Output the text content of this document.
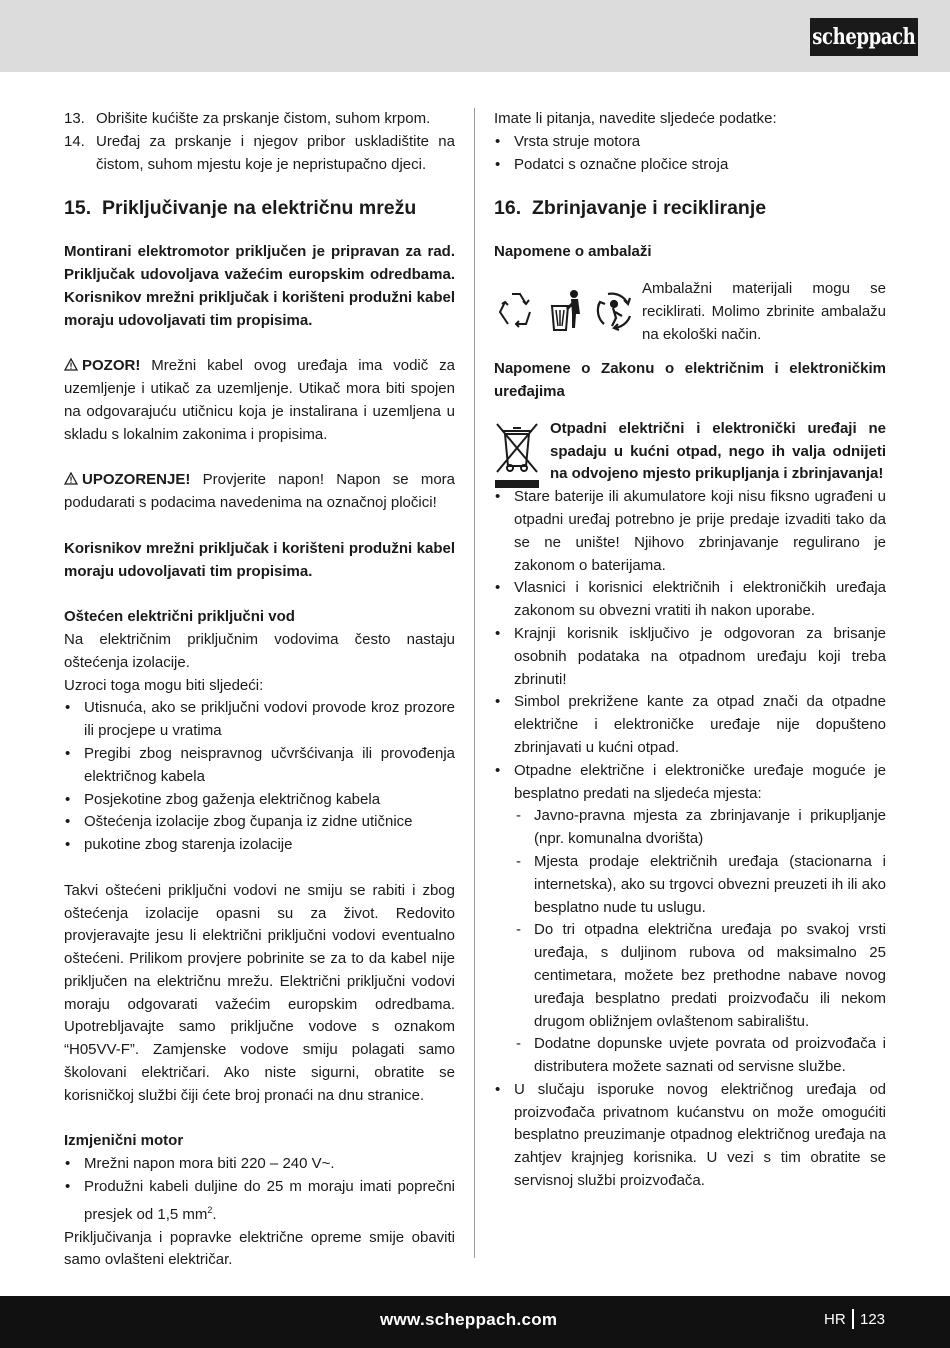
scheppach
13. Obrišite kućište za prskanje čistom, suhom krpom.
14. Uređaj za prskanje i njegov pribor uskladištite na čistom, suhom mjestu koje je nepristupačno djeci.
15. Priključivanje na električnu mrežu

Montirani elektromotor priključen je pripravan za rad. Priključak udovoljava važećim europskim odredbama. Korisnikov mrežni priključak i korišteni produžni kabel moraju udovoljavati tim propisima.

POZOR! Mrežni kabel ovog uređaja ima vodič za uzemljenje i utikač za uzemljenje. Utikač mora biti spojen na odgovarajuću utičnicu koja je instalirana i uzemljena u skladu s lokalnim zakonima i propisima.

UPOZORENJE! Provjerite napon! Napon se mora podudarati s podacima navedenima na označnoj pločici!

Korisnikov mrežni priključak i korišteni produžni kabel moraju udovoljavati tim propisima.

Oštećen električni priključni vod

Na električnim priključnim vodovima često nastaju oštećenja izolacije.

Uzroci toga mogu biti sljedeći:

• Utisnuća, ako se priključni vodovi provode kroz prozore ili procjepe u vratima
• Pregibi zbog neispravnog učvršćivanja ili provođenja električnog kabela
• Posjekotine zbog gaženja električnog kabela
• Oštećenja izolacije zbog čupanja iz zidne utičnice
• pukotine zbog starenja izolacije

Takvi oštećeni priključni vodovi ne smiju se rabiti i zbog oštećenja izolacije opasni su za život. Redovito provjeravajte jesu li električni priključni vodovi eventualno oštećeni. Prilikom provjere pobrinite se za to da kabel nije priključen na električnu mrežu. Električni priključni vodovi moraju odgovarati važećim europskim odredbama. Upotrebljavajte samo priključne vodove s oznakom “H05VV-F”. Zamjenske vodove smiju polagati samo školovani električari. Ako niste sigurni, obratite se korisničkoj službi čiji ćete broj pronaći na dnu stranice.

Izmjenični motor

• Mrežni napon mora biti 220 – 240 V~.
• Produžni kabeli duljine do 25 m moraju imati poprečni presjek od 1,5 $mm^2$.

Priključivanja i popravke električne opreme smije obaviti samo ovlašteni električar.

Imate li pitanja, navedite sljedeće podatke:

• Vrsta struje motora
• Podatci s označne pločice stroja
16. Zbrinjavanje i recikliranje

Napomene o ambalaži

Ambalažni materijali mogu se reciklirati. Molimo zbrinite ambalažu na ekološki način.

Napomene o Zakonu o električnim i elektroničkim uređajima

Otpadni električni i elektronički uređaji ne spadaju u kućni otpad, nego ih valja odnijeti na odvojeno mjesto prikupljanja i zbrinjavanja!

• Stare baterije ili akumulatore koji nisu fiksno ugrađeni u otpadni uređaj potrebno je prije predaje izvaditi tako da se ne unište! Njihovo zbrinjavanje regulirano je zakonom o baterijama.
• Vlasnici i korisnici električnih i elektroničkih uređaja zakonom su obvezni vratiti ih nakon uporabe.
• Krajnji korisnik isključivo je odgovoran za brisanje osobnih podataka na otpadnom uređaju koji treba zbrinuti!
• Simbol prekrižene kante za otpad znači da otpadne električne i elektroničke uređaje nije dopušteno zbrinjavati u kućni otpad.
• Otpadne električne i elektroničke uređaje moguće je besplatno predati na sljedeća mjesta:
- Javno-pravna mjesta za zbrinjavanje i prikupljanje (npr. komunalna dvorišta)
- Mjesta prodaje električnih uređaja (stacionarna i internetska), ako su trgovci obvezni preuzeti ih ili ako besplatno nude tu uslugu.
- Do tri otpadna električna uređaja po svakoj vrsti uređaja, s duljinom rubova od maksimalno 25 centimetara, možete bez prethodne nabave novog uređaja besplatno predati proizvođaču ili nekom drugom obližnjem ovlaštenom sabiralištu.
- Dodatne dopunske uvjete povrata od proizvođača i distributera možete saznati od servisne službe.
• U slučaju isporuke novog električnog uređaja od proizvođača privatnom kućanstvu on može omogućiti besplatno preuzimanje otpadnog električnog uređaja na zahtjev krajnjeg korisnika. U vezi s tim obratite se servisnoj službi proizvođača.
www.scheppach.com	HR 123
